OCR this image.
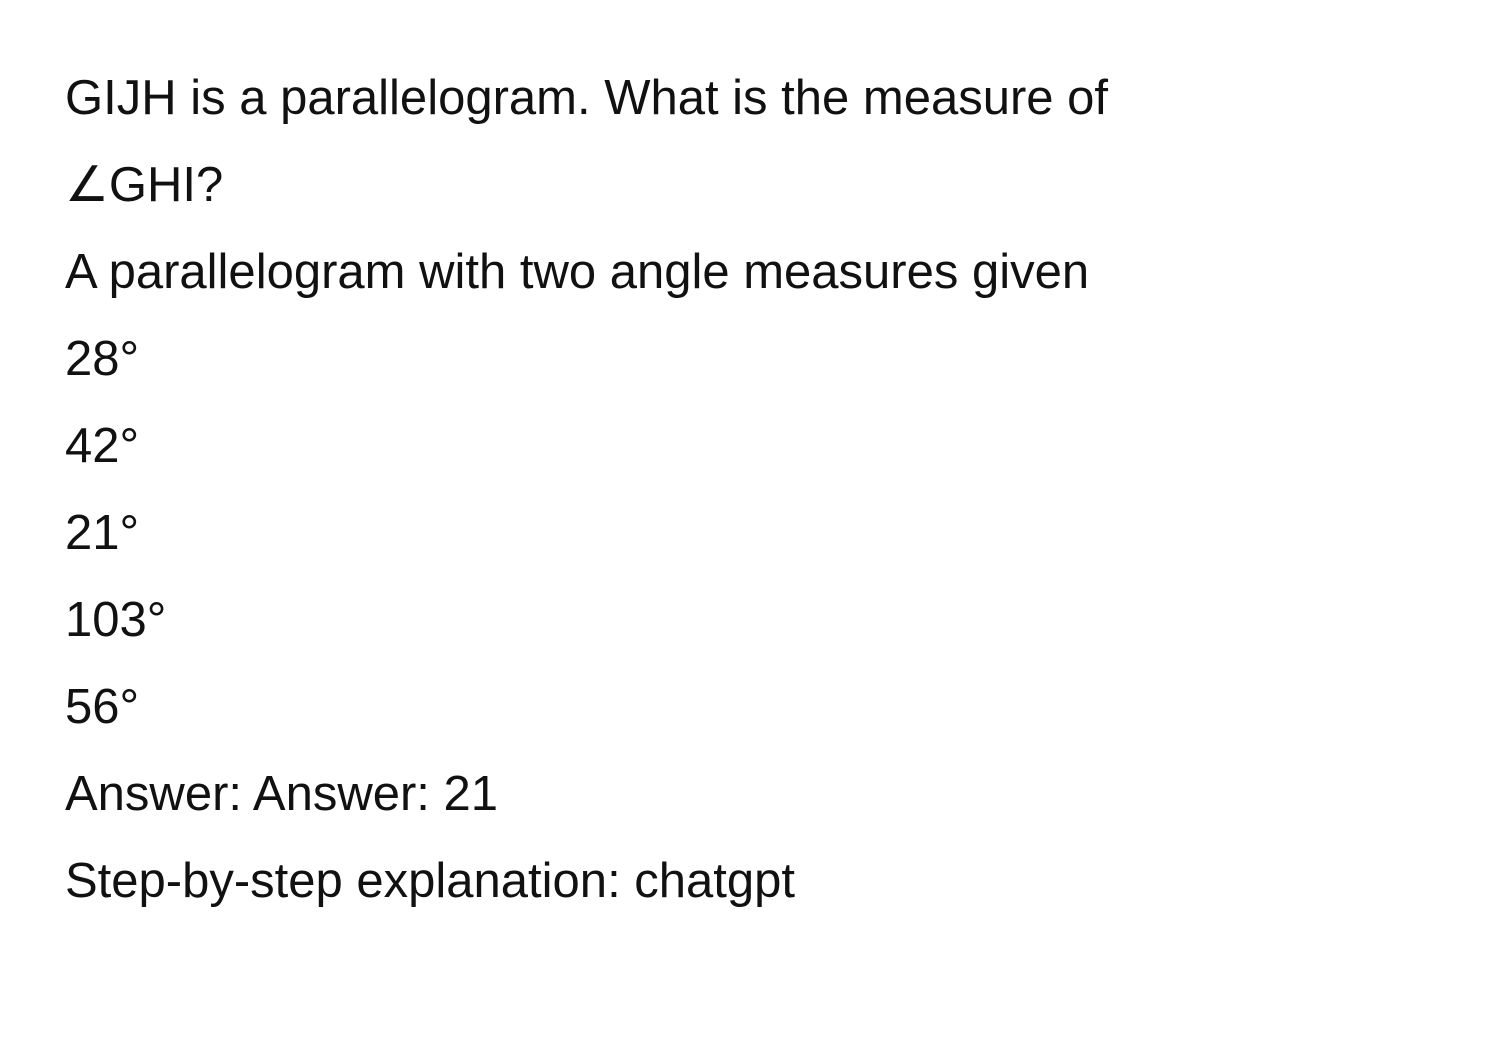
GIJH is a parallelogram. What is the measure of
∠GHI?
A parallelogram with two angle measures given
28°
42°
21°
103°
56°
Answer: Answer: 21
Step-by-step explanation: chatgpt
